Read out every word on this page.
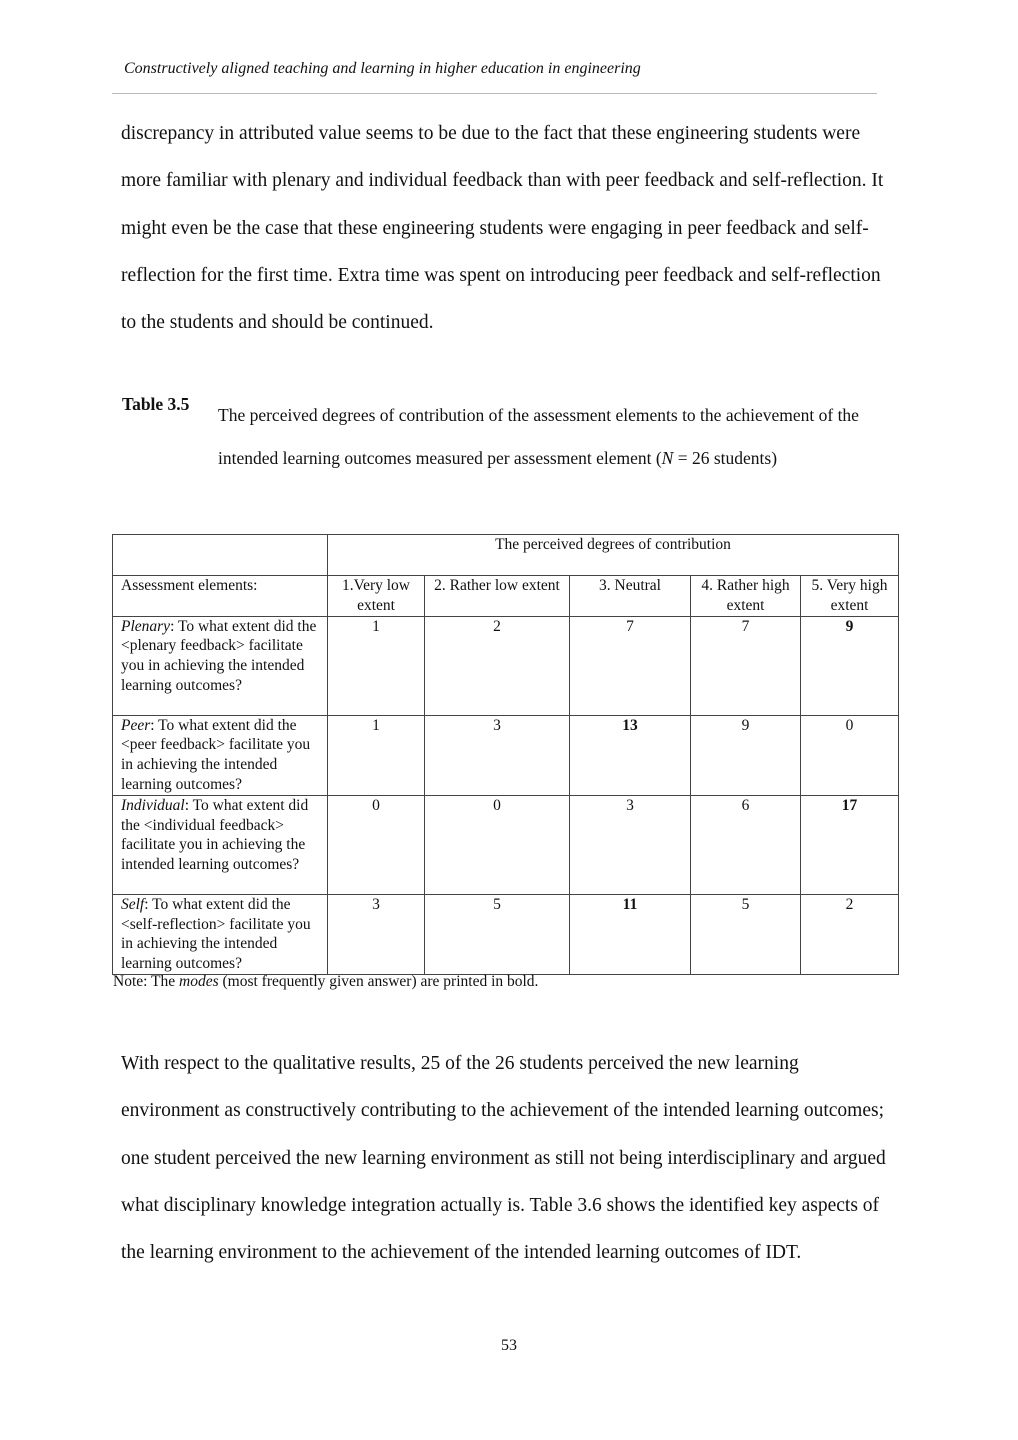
Constructively aligned teaching and learning in higher education in engineering

discrepancy in attributed value seems to be due to the fact that these engineering students were more familiar with plenary and individual feedback than with peer feedback and self-reflection. It might even be the case that these engineering students were engaging in peer feedback and self-reflection for the first time. Extra time was spent on introducing peer feedback and self-reflection to the students and should be continued.

Table 3.5
The perceived degrees of contribution of the assessment elements to the achievement of the intended learning outcomes measured per assessment element (N = 26 students)
	The perceived degrees of contribution				
Assessment elements:	1.Very low extent	2. Rather low extent	3. Neutral	4. Rather high extent	5. Very high extent
Plenary: To what extent did the <plenary feedback> facilitate you in achieving the intended learning outcomes?	1	2	7	7	9
Peer: To what extent did the <peer feedback> facilitate you in achieving the intended learning outcomes?	1	3	13	9	0
Individual: To what extent did the <individual feedback> facilitate you in achieving the intended learning outcomes?	0	0	3	6	17
Self: To what extent did the <self-reflection> facilitate you in achieving the intended learning outcomes?	3	5	11	5	2
Note: The modes (most frequently given answer) are printed in bold.

With respect to the qualitative results, 25 of the 26 students perceived the new learning environment as constructively contributing to the achievement of the intended learning outcomes; one student perceived the new learning environment as still not being interdisciplinary and argued what disciplinary knowledge integration actually is. Table 3.6 shows the identified key aspects of the learning environment to the achievement of the intended learning outcomes of IDT.

53
